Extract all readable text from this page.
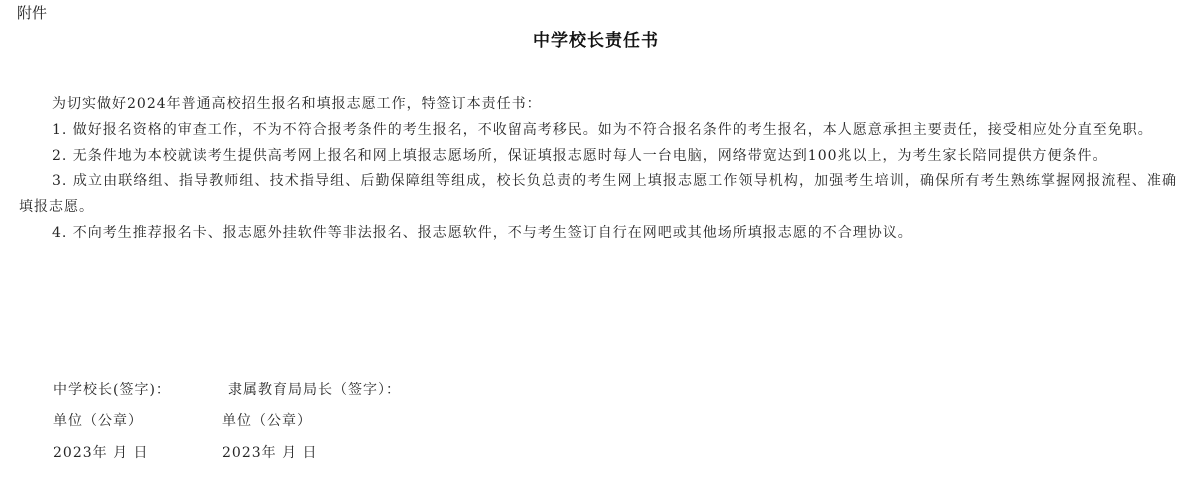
附件
中学校长责任书

为切实做好2024年普通高校招生报名和填报志愿工作，特签订本责任书：

1. 做好报名资格的审查工作，不为不符合报考条件的考生报名，不收留高考移民。如为不符合报名条件的考生报名，本人愿意承担主要责任，接受相应处分直至免职。

2. 无条件地为本校就读考生提供高考网上报名和网上填报志愿场所，保证填报志愿时每人一台电脑，网络带宽达到100兆以上，为考生家长陪同提供方便条件。

3. 成立由联络组、指导教师组、技术指导组、后勤保障组等组成，校长负总责的考生网上填报志愿工作领导机构，加强考生培训，确保所有考生熟练掌握网报流程、准确填报志愿。

4. 不向考生推荐报名卡、报志愿外挂软件等非法报名、报志愿软件，不与考生签订自行在网吧或其他场所填报志愿的不合理协议。

中学校长(签字)：	隶属教育局局长（签字）：
单位（公章）	单位（公章）
2023年 月 日	2023年 月 日
